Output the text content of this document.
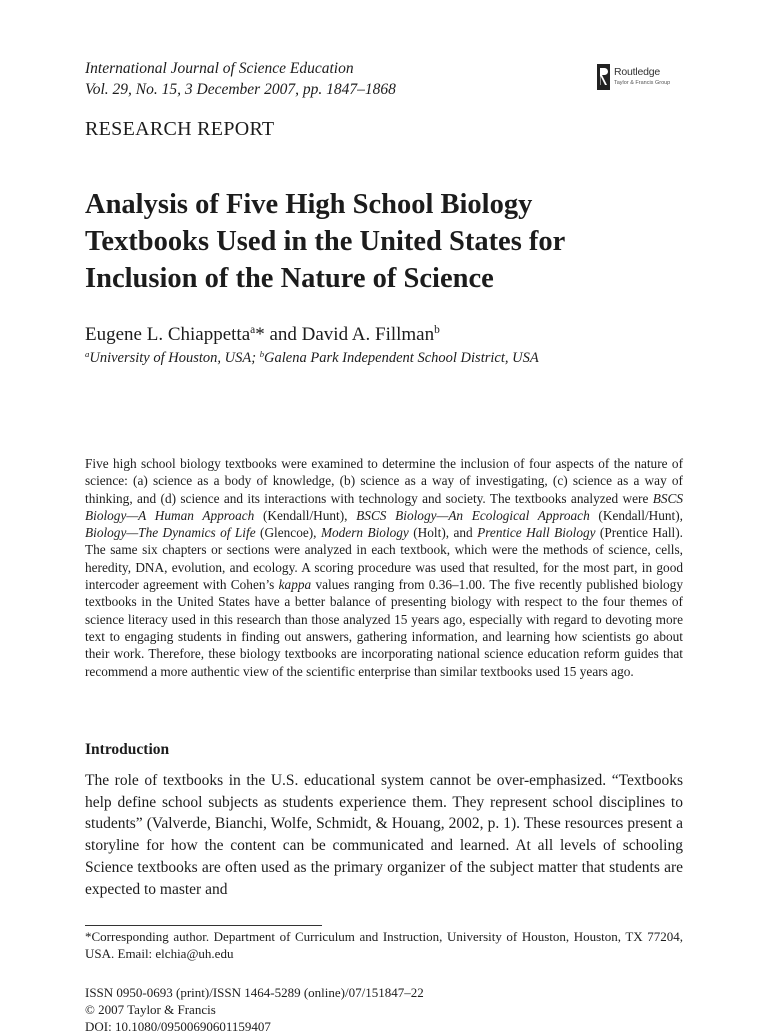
International Journal of Science Education
Vol. 29, No. 15, 3 December 2007, pp. 1847–1868
Routledge
Taylor & Francis Group
RESEARCH REPORT
Analysis of Five High School Biology
Textbooks Used in the United States for
Inclusion of the Nature of Science
Eugene L. Chiappetta$^a$* and David A. Fillman$^b$
$^a$University of Houston, USA; $^b$Galena Park Independent School District, USA
Five high school biology textbooks were examined to determine the inclusion of four aspects of the nature of science: (a) science as a body of knowledge, (b) science as a way of investigating, (c) science as a way of thinking, and (d) science and its interactions with technology and society. The textbooks analyzed were BSCS Biology—A Human Approach (Kendall/Hunt), BSCS Biology—An Ecological Approach (Kendall/Hunt), Biology—The Dynamics of Life (Glencoe), Modern Biology (Holt), and Prentice Hall Biology (Prentice Hall). The same six chapters or sections were analyzed in each textbook, which were the methods of science, cells, heredity, DNA, evolution, and ecology. A scoring procedure was used that resulted, for the most part, in good intercoder agreement with Cohen’s kappa values ranging from 0.36–1.00. The five recently published biology textbooks in the United States have a better balance of presenting biology with respect to the four themes of science literacy used in this research than those analyzed 15 years ago, especially with regard to devoting more text to engaging students in finding out answers, gathering information, and learning how scientists go about their work. Therefore, these biology textbooks are incorporating national science education reform guides that recommend a more authentic view of the scientific enterprise than similar textbooks used 15 years ago.
Introduction
The role of textbooks in the U.S. educational system cannot be over-emphasized. “Textbooks help define school subjects as students experience them. They represent school disciplines to students” (Valverde, Bianchi, Wolfe, Schmidt, & Houang, 2002, p. 1). These resources present a storyline for how the content can be communicated and learned. At all levels of schooling Science textbooks are often used as the primary organizer of the subject matter that students are expected to master and
*Corresponding author. Department of Curriculum and Instruction, University of Houston, Houston, TX 77204, USA. Email: elchia@uh.edu
ISSN 0950-0693 (print)/ISSN 1464-5289 (online)/07/151847–22
© 2007 Taylor & Francis
DOI: 10.1080/09500690601159407
